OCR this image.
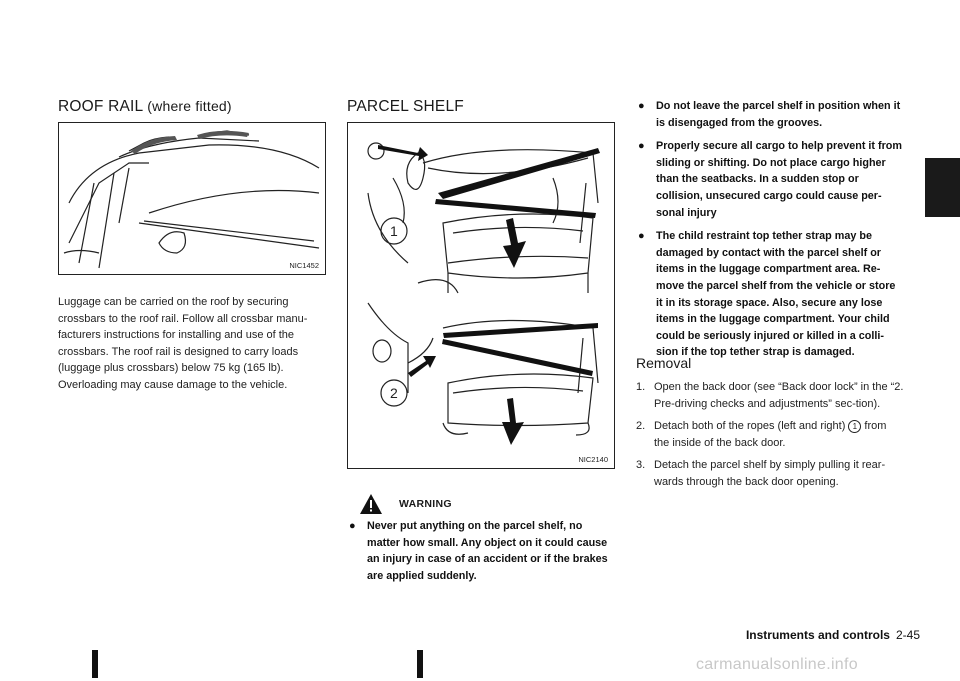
ROOF RAIL (where fitted)
NIC1452
Luggage can be carried on the roof by securing crossbars to the roof rail. Follow all crossbar manu-facturers instructions for installing and use of the crossbars. The roof rail is designed to carry loads (luggage plus crossbars) below 75 kg (165 lb). Overloading may cause damage to the vehicle.
PARCEL SHELF
1
2
NIC2140
WARNING
● Never put anything on the parcel shelf, no matter how small. Any object on it could cause an injury in case of an accident or if the brakes are applied suddenly.
● Do not leave the parcel shelf in position when it is disengaged from the grooves.
● Properly secure all cargo to help prevent it from sliding or shifting. Do not place cargo higher than the seatbacks. In a sudden stop or collision, unsecured cargo could cause per-sonal injury
● The child restraint top tether strap may be damaged by contact with the parcel shelf or items in the luggage compartment area. Re-move the parcel shelf from the vehicle or store it in its storage space. Also, secure any lose items in the luggage compartment. Your child could be seriously injured or killed in a colli-sion if the top tether strap is damaged.
Removal
1. Open the back door (see “Back door lock” in the “2. Pre-driving checks and adjustments” sec-tion).
2. Detach both of the ropes (left and right) 1 from the inside of the back door.
3. Detach the parcel shelf by simply pulling it rear-wards through the back door opening.
Instruments and controls 2-45
carmanualsonline.info
